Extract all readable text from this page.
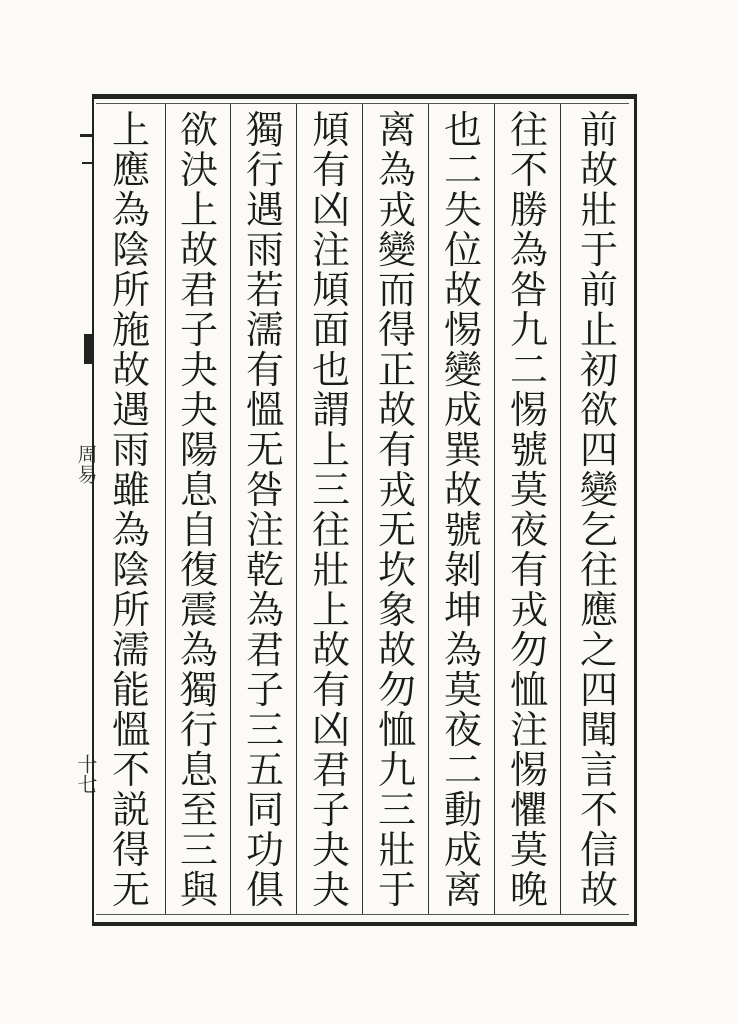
周易
十七
前
故
壯
于
前
止
初
欲
四
變
乞
往
應
之
四
聞
言
不
信
故
往
不
勝
為
咎
九
二
惕
號
莫
夜
有
戎
勿
恤
注
惕
懼
莫
晚
也
二
失
位
故
惕
變
成
巽
故
號
剝
坤
為
莫
夜
二
動
成
离
离
為
戎
變
而
得
正
故
有
戎
无
坎
象
故
勿
恤
九
三
壯
于
頄
有
凶
注
頄
面
也
謂
上
三
往
壯
上
故
有
凶
君
子
夬
夬
獨
行
遇
雨
若
濡
有
慍
无
咎
注
乾
為
君
子
三
五
同
功
俱
欲
決
上
故
君
子
夬
夬
陽
息
自
復
震
為
獨
行
息
至
三
與
上
應
為
陰
所
施
故
遇
雨
雖
為
陰
所
濡
能
慍
不
説
得
无
